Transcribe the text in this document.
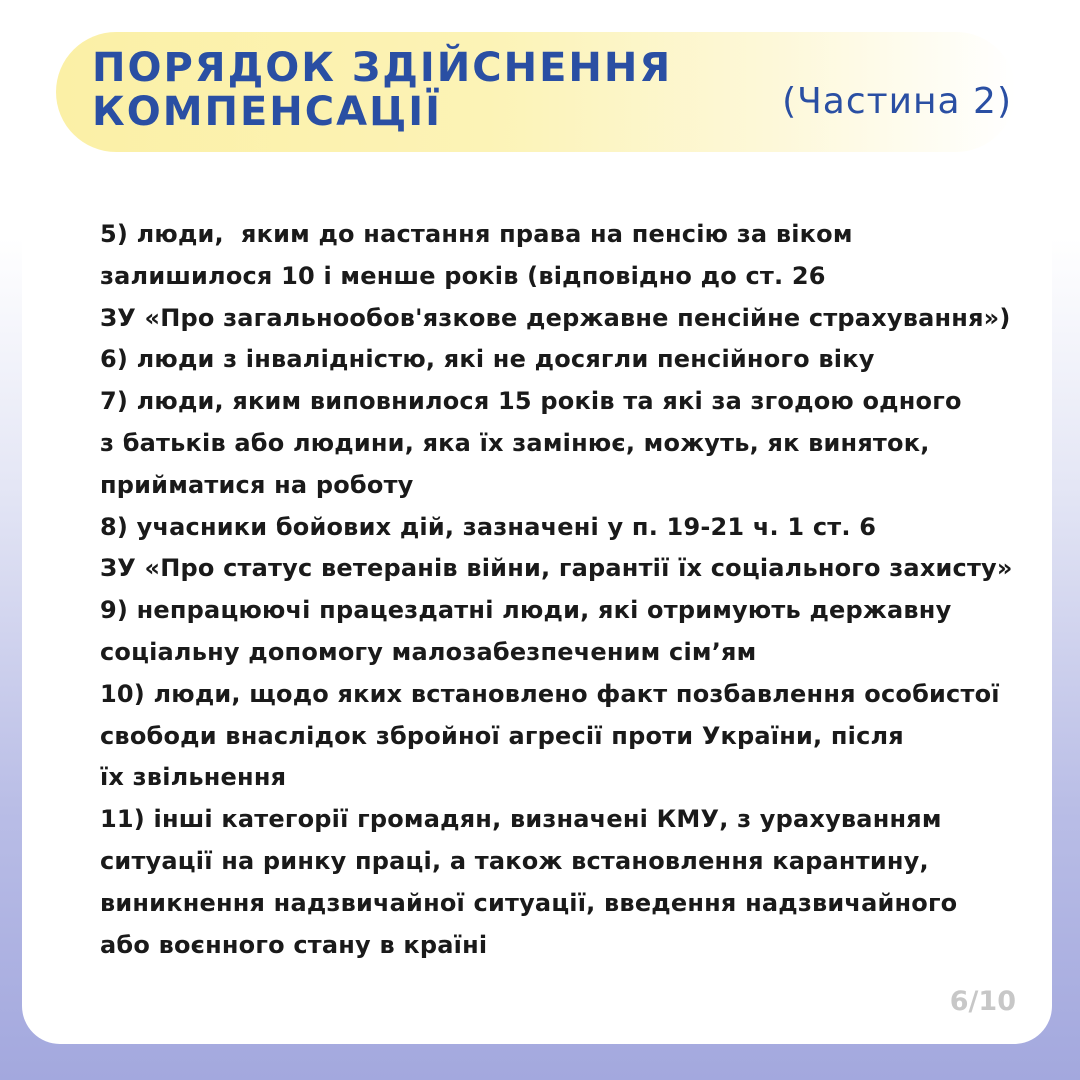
ПОРЯДОК ЗДІЙСНЕННЯ
КОМПЕНСАЦІЇ	(Частина 2)
5) люди,  яким до настання права на пенсію за віком
залишилося 10 і менше років (відповідно до ст. 26
ЗУ «Про загальнообов'язкове державне пенсійне страхування»)
6) люди з інвалідністю, які не досягли пенсійного віку
7) люди, яким виповнилося 15 років та які за згодою одного
з батьків або людини, яка їх замінює, можуть, як виняток,
прийматися на роботу
8) учасники бойових дій, зазначені у п. 19-21 ч. 1 ст. 6
ЗУ «Про статус ветеранів війни, гарантії їх соціального захисту»
9) непрацюючі працездатні люди, які отримують державну
соціальну допомогу малозабезпеченим сім’ям
10) люди, щодо яких встановлено факт позбавлення особистої
свободи внаслідок збройної агресії проти України, після
їх звільнення
11) інші категорії громадян, визначені КМУ, з урахуванням
ситуації на ринку праці, а також встановлення карантину,
виникнення надзвичайної ситуації, введення надзвичайного
або воєнного стану в країні
6/10
